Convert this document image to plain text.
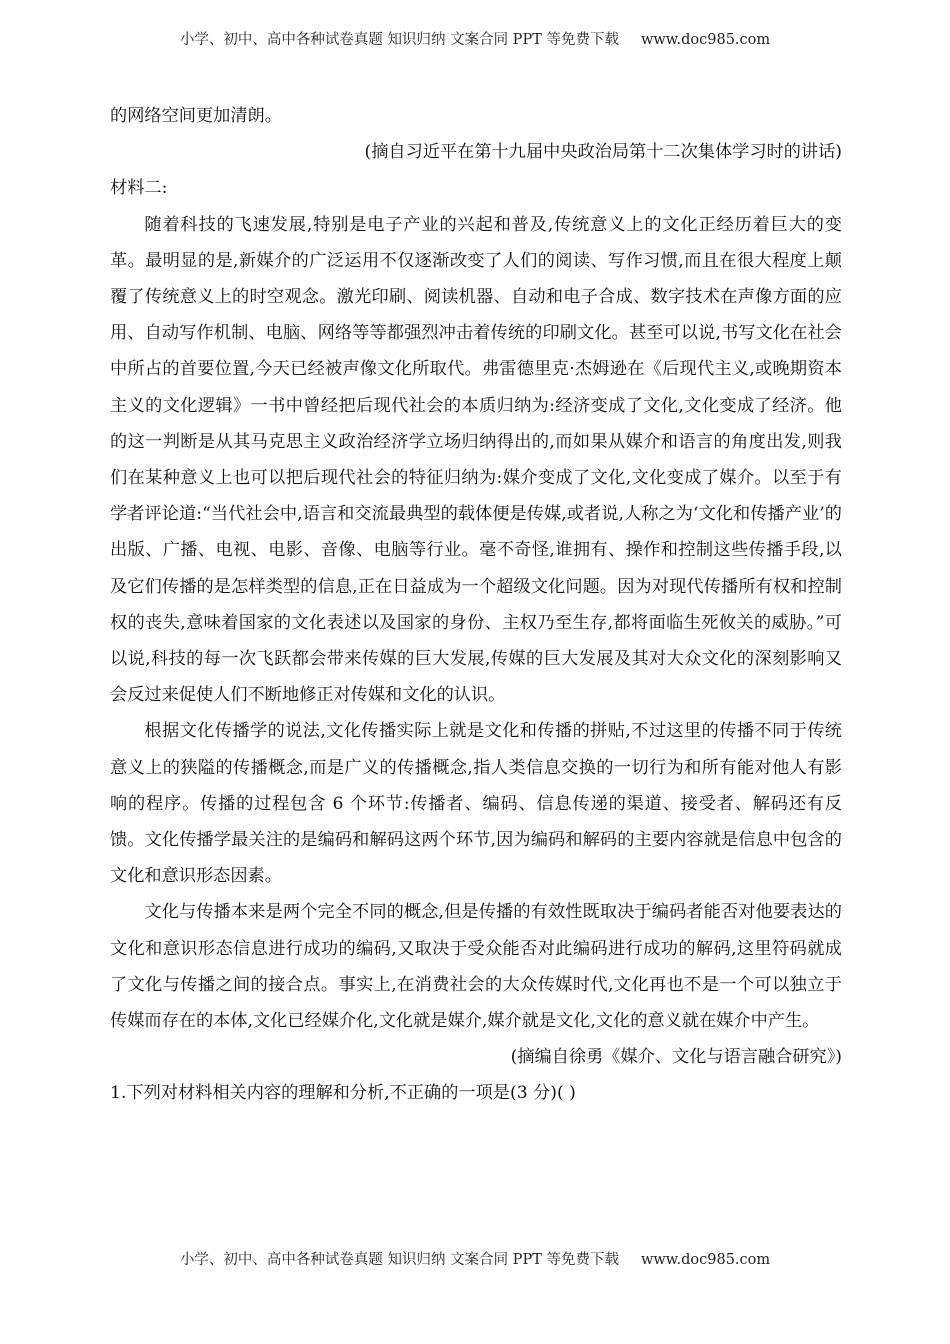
小学、初中、高中各种试卷真题 知识归纳 文案合同 PPT 等免费下载 www.doc985.com

的网络空间更加清朗。

(摘自习近平在第十九届中央政治局第十二次集体学习时的讲话)

材料二:

随着科技的飞速发展,特别是电子产业的兴起和普及,传统意义上的文化正经历着巨大的变革。最明显的是,新媒介的广泛运用不仅逐渐改变了人们的阅读、写作习惯,而且在很大程度上颠覆了传统意义上的时空观念。激光印刷、阅读机器、自动和电子合成、数字技术在声像方面的应用、自动写作机制、电脑、网络等等都强烈冲击着传统的印刷文化。甚至可以说,书写文化在社会中所占的首要位置,今天已经被声像文化所取代。弗雷德里克·杰姆逊在《后现代主义,或晚期资本主义的文化逻辑》一书中曾经把后现代社会的本质归纳为:经济变成了文化,文化变成了经济。他的这一判断是从其马克思主义政治经济学立场归纳得出的,而如果从媒介和语言的角度出发,则我们在某种意义上也可以把后现代社会的特征归纳为:媒介变成了文化,文化变成了媒介。以至于有学者评论道:“当代社会中,语言和交流最典型的载体便是传媒,或者说,人称之为‘文化和传播产业’的出版、广播、电视、电影、音像、电脑等行业。毫不奇怪,谁拥有、操作和控制这些传播手段,以及它们传播的是怎样类型的信息,正在日益成为一个超级文化问题。因为对现代传播所有权和控制权的丧失,意味着国家的文化表述以及国家的身份、主权乃至生存,都将面临生死攸关的威胁。”可以说,科技的每一次飞跃都会带来传媒的巨大发展,传媒的巨大发展及其对大众文化的深刻影响又会反过来促使人们不断地修正对传媒和文化的认识。

根据文化传播学的说法,文化传播实际上就是文化和传播的拼贴,不过这里的传播不同于传统意义上的狭隘的传播概念,而是广义的传播概念,指人类信息交换的一切行为和所有能对他人有影响的程序。传播的过程包含 6 个环节:传播者、编码、信息传递的渠道、接受者、解码还有反馈。文化传播学最关注的是编码和解码这两个环节,因为编码和解码的主要内容就是信息中包含的文化和意识形态因素。

文化与传播本来是两个完全不同的概念,但是传播的有效性既取决于编码者能否对他要表达的文化和意识形态信息进行成功的编码,又取决于受众能否对此编码进行成功的解码,这里符码就成了文化与传播之间的接合点。事实上,在消费社会的大众传媒时代,文化再也不是一个可以独立于传媒而存在的本体,文化已经媒介化,文化就是媒介,媒介就是文化,文化的意义就在媒介中产生。

(摘编自徐勇《媒介、文化与语言融合研究》)

1.下列对材料相关内容的理解和分析,不正确的一项是(3 分)( )

小学、初中、高中各种试卷真题 知识归纳 文案合同 PPT 等免费下载 www.doc985.com
